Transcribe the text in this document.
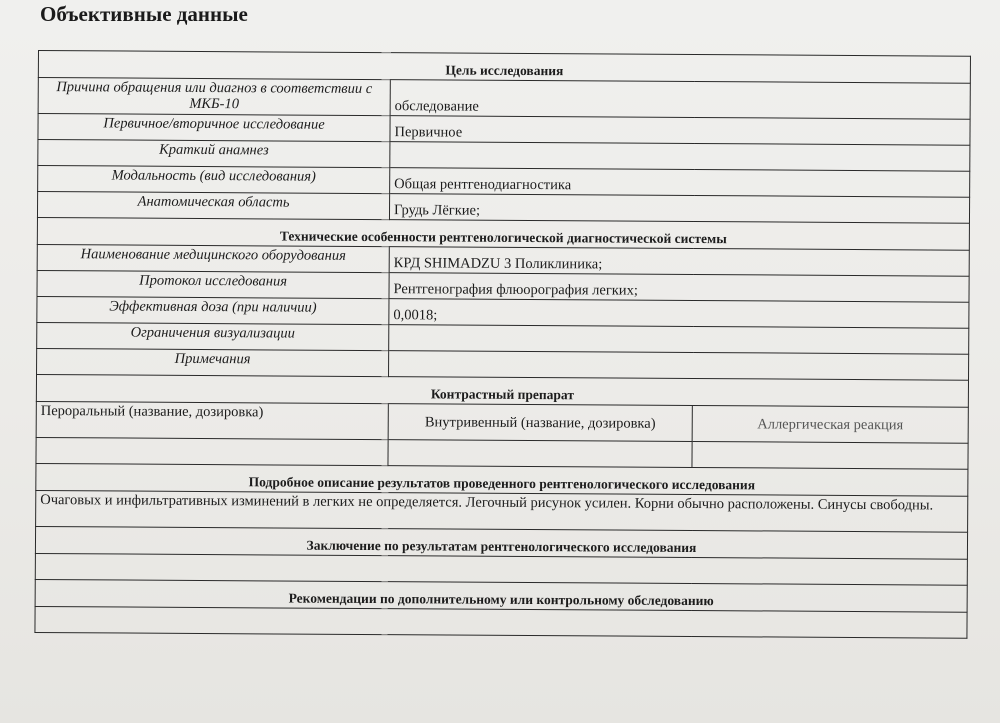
Объективные данные
Цель исследования		
Причина обращения или диагноз в соответствии с МКБ-10	обследование	
Первичное/вторичное исследование	Первичное	
Краткий анамнез		
Модальность (вид исследования)	Общая рентгенодиагностика	
Анатомическая область	Грудь Лёгкие;	
Технические особенности рентгенологической диагностической системы		
Наименование медицинского оборудования	КРД SHIMADZU 3 Поликлиника;	
Протокол исследования	Рентгенография флюорография легких;	
Эффективная доза (при наличии)	0,0018;	
Ограничения визуализации		
Примечания		
Контрастный препарат		
Пероральный (название, дозировка)	Внутривенный (название, дозировка)	Аллергическая реакция

Подробное описание результатов проведенного рентгенологического исследования		
Очаговых и инфильтративных изминений в легких не определяется. Легочный рисунок усилен. Корни обычно расположены. Синусы свободны.		
Заключение по результатам рентгенологического исследования		

Рекомендации по дополнительному или контрольному обследованию		
